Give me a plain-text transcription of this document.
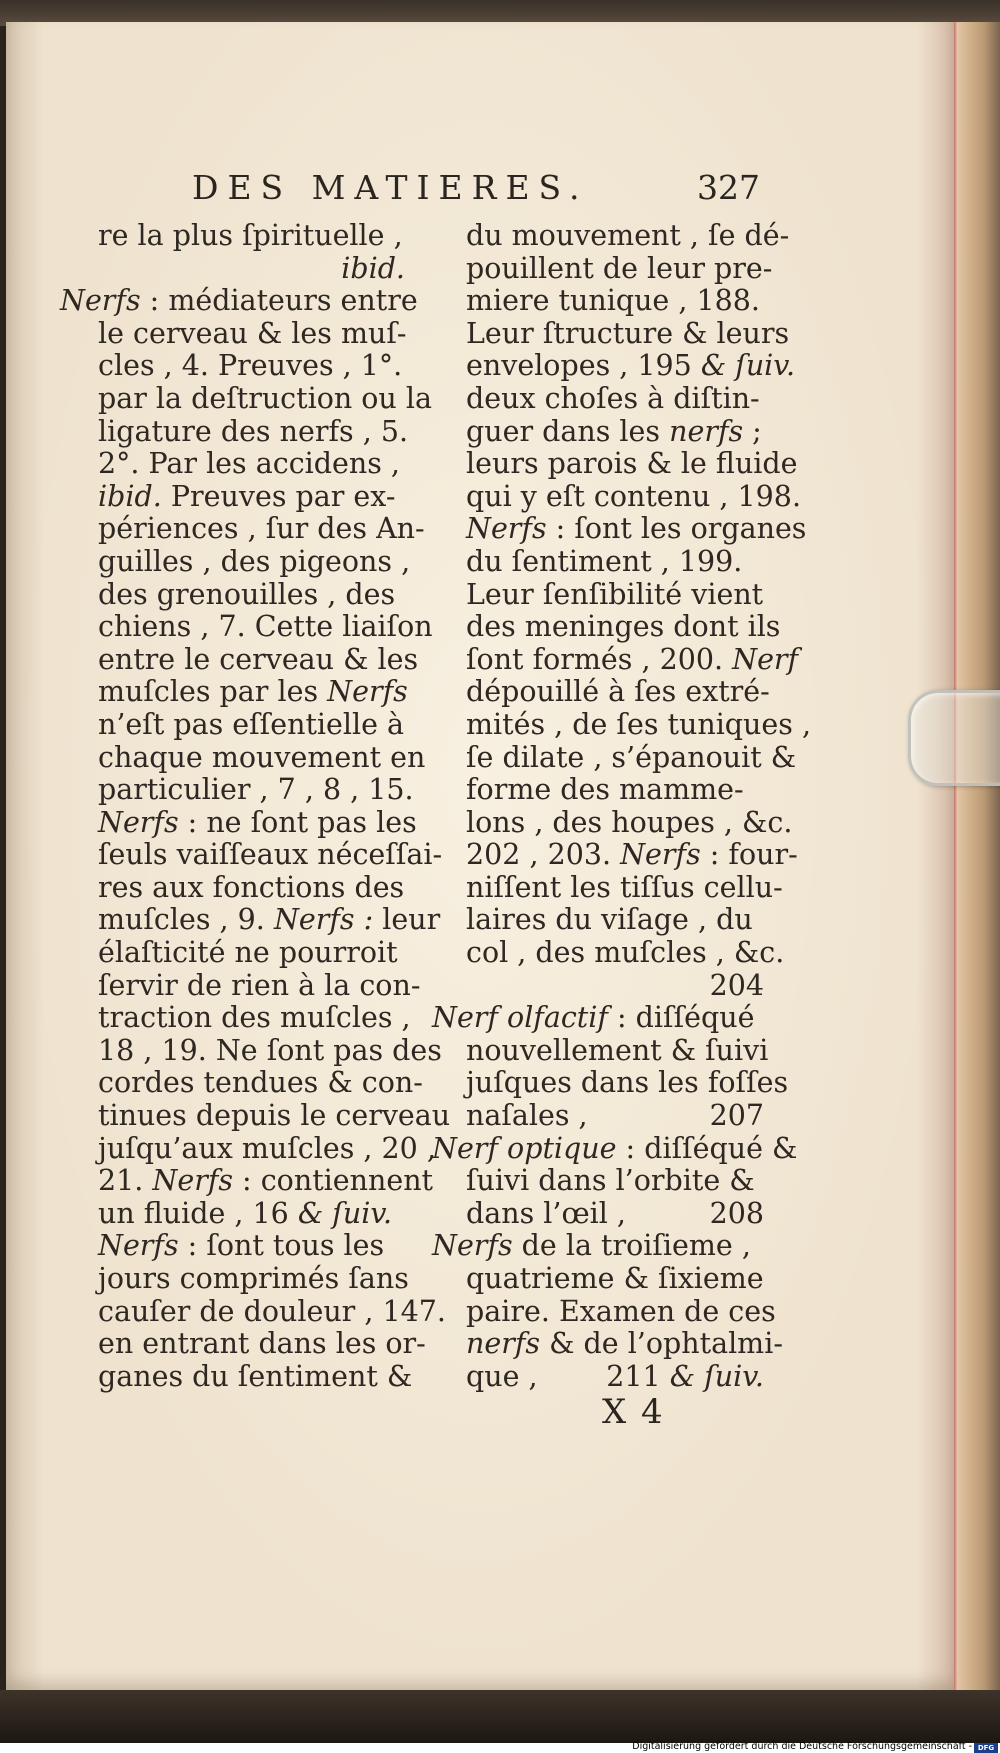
DES MATIERES.	327
re la plus ſpirituelle ,
ibid.
Nerfs : médiateurs entre
le cerveau & les muſ-
cles , 4. Preuves , 1°.
par la deſtruction ou la
ligature des nerfs , 5.
2°. Par les accidens ,
ibid. Preuves par ex-
périences , ſur des An-
guilles , des pigeons ,
des grenouilles , des
chiens , 7. Cette liaiſon
entre le cerveau & les
muſcles par les Nerfs
n’eſt pas eſſentielle à
chaque mouvement en
particulier , 7 , 8 , 15.
Nerfs : ne ſont pas les
ſeuls vaiſſeaux néceſſai-
res aux fonctions des
muſcles , 9. Nerfs : leur
élaſticité ne pourroit
ſervir de rien à la con-
traction des muſcles ,
18 , 19. Ne ſont pas des
cordes tendues & con-
tinues depuis le cerveau
juſqu’aux muſcles , 20 ,
21. Nerfs : contiennent
un fluide , 16 & ſuiv.
Nerfs : ſont tous les
jours comprimés ſans
cauſer de douleur , 147.
en entrant dans les or-
ganes du ſentiment &
du mouvement , ſe dé-
pouillent de leur pre-
miere tunique , 188.
Leur ſtructure & leurs
envelopes , 195 & ſuiv.
deux choſes à diſtin-
guer dans les nerfs ;
leurs parois & le fluide
qui y eſt contenu , 198.
Nerfs : ſont les organes
du ſentiment , 199.
Leur ſenſibilité vient
des meninges dont ils
ſont formés , 200. Nerf
dépouillé à ſes extré-
mités , de ſes tuniques ,
ſe dilate , s’épanouit &
forme des mamme-
lons , des houpes , &c.
202 , 203. Nerfs : four-
niſſent les tiſſus cellu-
laires du viſage , du
col , des muſcles , &c.
204
Nerf olfactif : diſſéqué
nouvellement & ſuivi
juſques dans les foſſes
naſales ,	207
Nerf optique : diſſéqué &
ſuivi dans l’orbite &
dans l’œil ,	208
Nerfs de la troiſieme ,
quatrieme & ſixieme
paire. Examen de ces
nerfs & de l’ophtalmi-
que , 211 & ſuiv.
X 4
Digitalisierung gefördert durch die Deutsche Forschungsgemeinschaft - DFG
